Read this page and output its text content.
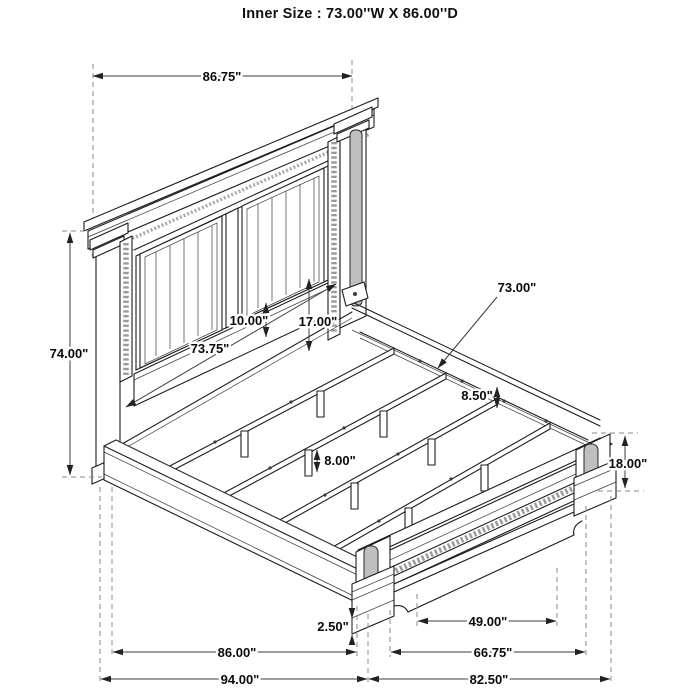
Inner Size : 73.00''W X 86.00''D
86.75"
74.00"	73.75"
10.00" 17.00"
73.00"
8.50"
8.00"	18.00"
2.50"	49.00"
86.00"	66.75"
94.00"	82.50"
